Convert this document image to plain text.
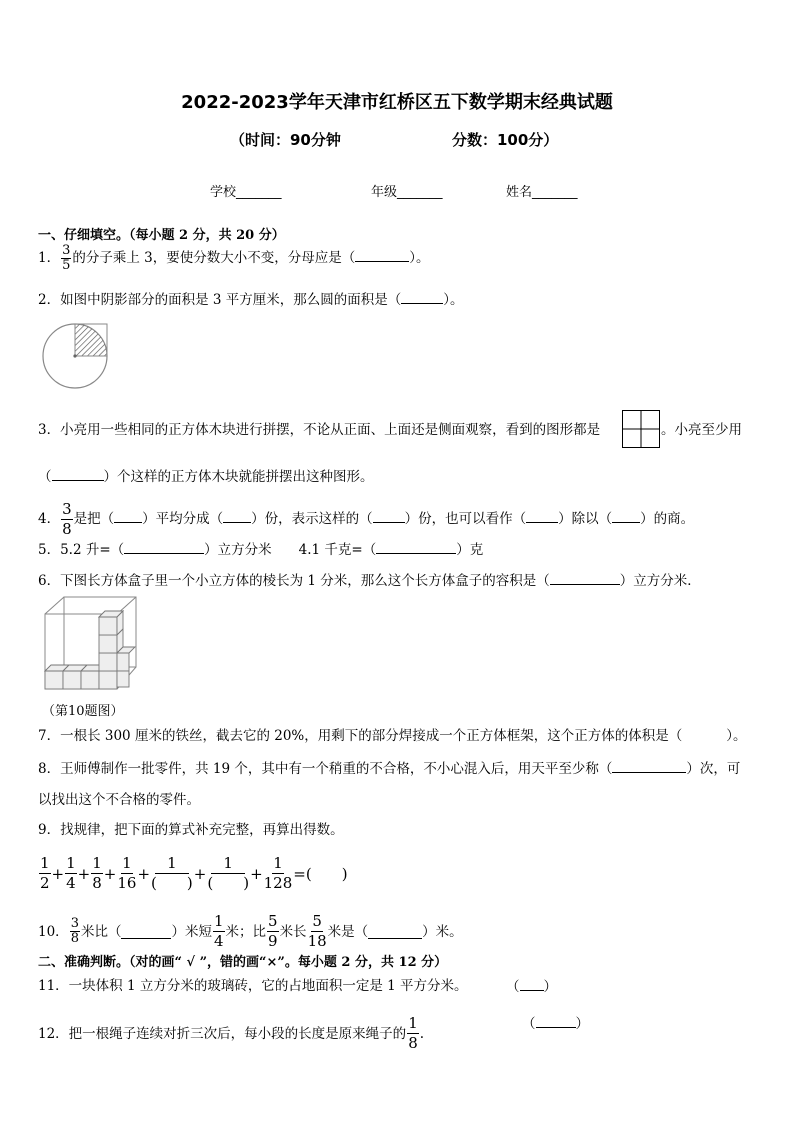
2022-2023学年天津市红桥区五下数学期末经典试题
（时间：90分钟	分数：100分）
学校_______	年级_______	姓名_______
一、仔细填空。（每小题 2 分，共 20 分）
1． $\frac{3}{5}$ 的分子乘上 3，要使分数大小不变，分母应是（	）。
2．如图中阴影部分的面积是 3 平方厘米，那么圆的面积是（	）。
3．小亮用一些相同的正方体木块进行拼摆，不论从正面、上面还是侧面观察，看到的图形都是	。小亮至少用
（	）个这样的正方体木块就能拼摆出这种图形。
4． $\frac{3}{8}$ 是把（ ）平均分成（ ）份，表示这样的（ ）份，也可以看作（ ）除以（ ）的商。
5．5.2 升=（	）立方分米　　4.1 千克=（	）克
6．下图长方体盒子里一个小立方体的棱长为 1 分米，那么这个长方体盒子的容积是（	）立方分米．
（第10题图）
7．一根长 300 厘米的铁丝，截去它的 20%，用剩下的部分焊接成一个正方体框架，这个正方体的体积是（	）。
8．王师傅制作一批零件，共 19 个，其中有一个稍重的不合格，不小心混入后，用天平至少称（	）次，可
以找出这个不合格的零件。
9．找规律，把下面的算式补充完整，再算出得数。
$\frac{1}{2} + \frac{1}{4} + \frac{1}{8} + \frac{1}{16} + \frac{1}{( )} + \frac{1}{( )} + \frac{1}{128}$ =(　　)
10． $\frac{3}{8}$ 米比（	）米短 $\frac{1}{4}$ 米；比 $\frac{5}{9}$ 米长 $\frac{5}{18}$ 米是（	）米。
二、准确判断。（对的画“ √ ”，错的画“×”。每小题 2 分，共 12 分）
11．一块体积 1 立方分米的玻璃砖，它的占地面积一定是 1 平方分米。	（ ）
12．把一根绳子连续对折三次后，每小段的长度是原来绳子的 $\frac{1}{8}$ .
（	）
